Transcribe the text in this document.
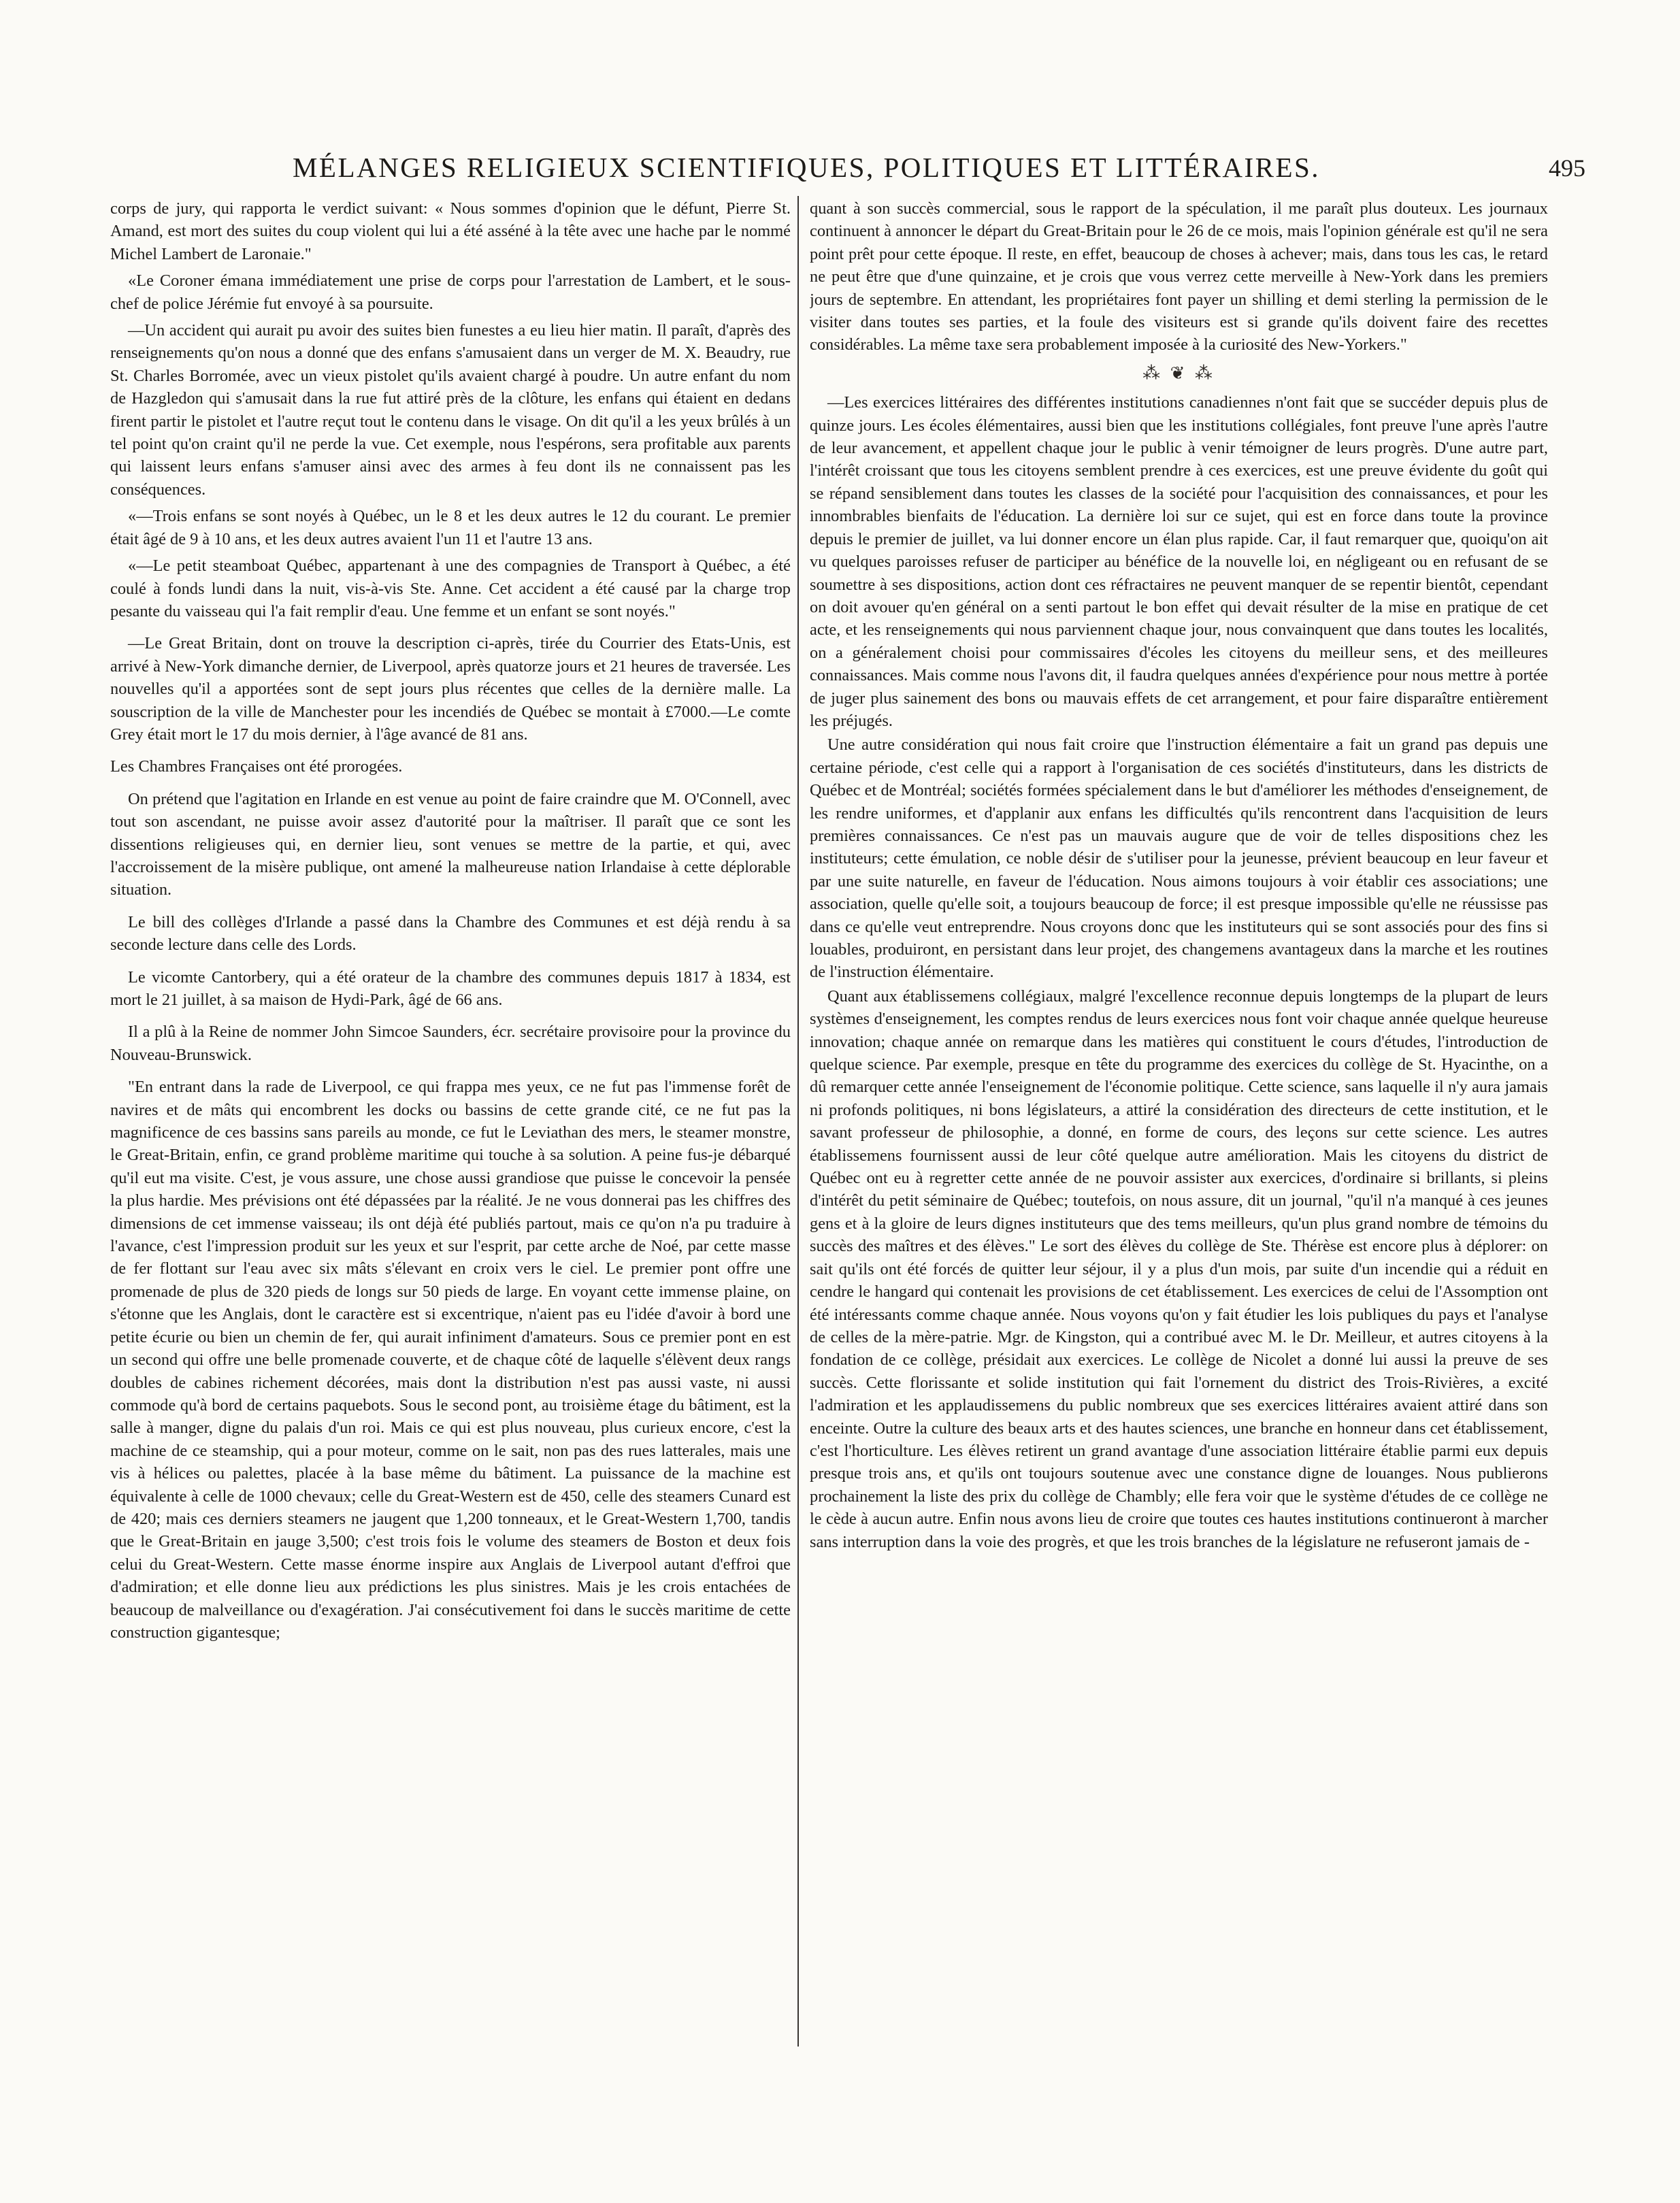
MÉLANGES RELIGIEUX SCIENTIFIQUES, POLITIQUES ET LITTÉRAIRES.	495

corps de jury, qui rapporta le verdict suivant: « Nous sommes d'opinion que le défunt, Pierre St. Amand, est mort des suites du coup violent qui lui a été asséné à la tête avec une hache par le nommé Michel Lambert de Laronaie."

«Le Coroner émana immédiatement une prise de corps pour l'arrestation de Lambert, et le sous-chef de police Jérémie fut envoyé à sa poursuite.

—Un accident qui aurait pu avoir des suites bien funestes a eu lieu hier matin. Il paraît, d'après des renseignements qu'on nous a donné que des enfans s'amusaient dans un verger de M. X. Beaudry, rue St. Charles Borromée, avec un vieux pistolet qu'ils avaient chargé à poudre. Un autre enfant du nom de Hazgledon qui s'amusait dans la rue fut attiré près de la clôture, les enfans qui étaient en dedans firent partir le pistolet et l'autre reçut tout le contenu dans le visage. On dit qu'il a les yeux brûlés à un tel point qu'on craint qu'il ne perde la vue. Cet exemple, nous l'espérons, sera profitable aux parents qui laissent leurs enfans s'amuser ainsi avec des armes à feu dont ils ne connaissent pas les conséquences.

«—Trois enfans se sont noyés à Québec, un le 8 et les deux autres le 12 du courant. Le premier était âgé de 9 à 10 ans, et les deux autres avaient l'un 11 et l'autre 13 ans.

«—Le petit steamboat Québec, appartenant à une des compagnies de Transport à Québec, a été coulé à fonds lundi dans la nuit, vis-à-vis Ste. Anne. Cet accident a été causé par la charge trop pesante du vaisseau qui l'a fait remplir d'eau. Une femme et un enfant se sont noyés."

—Le Great Britain, dont on trouve la description ci-après, tirée du Courrier des Etats-Unis, est arrivé à New-York dimanche dernier, de Liverpool, après quatorze jours et 21 heures de traversée. Les nouvelles qu'il a apportées sont de sept jours plus récentes que celles de la dernière malle. La souscription de la ville de Manchester pour les incendiés de Québec se montait à £7000.—Le comte Grey était mort le 17 du mois dernier, à l'âge avancé de 81 ans.

Les Chambres Françaises ont été prorogées.

On prétend que l'agitation en Irlande en est venue au point de faire craindre que M. O'Connell, avec tout son ascendant, ne puisse avoir assez d'autorité pour la maîtriser. Il paraît que ce sont les dissentions religieuses qui, en dernier lieu, sont venues se mettre de la partie, et qui, avec l'accroissement de la misère publique, ont amené la malheureuse nation Irlandaise à cette déplorable situation.

Le bill des collèges d'Irlande a passé dans la Chambre des Communes et est déjà rendu à sa seconde lecture dans celle des Lords.

Le vicomte Cantorbery, qui a été orateur de la chambre des communes depuis 1817 à 1834, est mort le 21 juillet, à sa maison de Hydi-Park, âgé de 66 ans.

Il a plû à la Reine de nommer John Simcoe Saunders, écr. secrétaire provisoire pour la province du Nouveau-Brunswick.

"En entrant dans la rade de Liverpool, ce qui frappa mes yeux, ce ne fut pas l'immense forêt de navires et de mâts qui encombrent les docks ou bassins de cette grande cité, ce ne fut pas la magnificence de ces bassins sans pareils au monde, ce fut le Leviathan des mers, le steamer monstre, le Great-Britain, enfin, ce grand problème maritime qui touche à sa solution. A peine fus-je débarqué qu'il eut ma visite. C'est, je vous assure, une chose aussi grandiose que puisse le concevoir la pensée la plus hardie. Mes prévisions ont été dépassées par la réalité. Je ne vous donnerai pas les chiffres des dimensions de cet immense vaisseau; ils ont déjà été publiés partout, mais ce qu'on n'a pu traduire à l'avance, c'est l'impression produit sur les yeux et sur l'esprit, par cette arche de Noé, par cette masse de fer flottant sur l'eau avec six mâts s'élevant en croix vers le ciel. Le premier pont offre une promenade de plus de 320 pieds de longs sur 50 pieds de large. En voyant cette immense plaine, on s'étonne que les Anglais, dont le caractère est si excentrique, n'aient pas eu l'idée d'avoir à bord une petite écurie ou bien un chemin de fer, qui aurait infiniment d'amateurs. Sous ce premier pont en est un second qui offre une belle promenade couverte, et de chaque côté de laquelle s'élèvent deux rangs doubles de cabines richement décorées, mais dont la distribution n'est pas aussi vaste, ni aussi commode qu'à bord de certains paquebots. Sous le second pont, au troisième étage du bâtiment, est la salle à manger, digne du palais d'un roi. Mais ce qui est plus nouveau, plus curieux encore, c'est la machine de ce steamship, qui a pour moteur, comme on le sait, non pas des rues latterales, mais une vis à hélices ou palettes, placée à la base même du bâtiment. La puissance de la machine est équivalente à celle de 1000 chevaux; celle du Great-Western est de 450, celle des steamers Cunard est de 420; mais ces derniers steamers ne jaugent que 1,200 tonneaux, et le Great-Western 1,700, tandis que le Great-Britain en jauge 3,500; c'est trois fois le volume des steamers de Boston et deux fois celui du Great-Western. Cette masse énorme inspire aux Anglais de Liverpool autant d'effroi que d'admiration; et elle donne lieu aux prédictions les plus sinistres. Mais je les crois entachées de beaucoup de malveillance ou d'exagération. J'ai consécutivement foi dans le succès maritime de cette construction gigantesque;

quant à son succès commercial, sous le rapport de la spéculation, il me paraît plus douteux. Les journaux continuent à annoncer le départ du Great-Britain pour le 26 de ce mois, mais l'opinion générale est qu'il ne sera point prêt pour cette époque. Il reste, en effet, beaucoup de choses à achever; mais, dans tous les cas, le retard ne peut être que d'une quinzaine, et je crois que vous verrez cette merveille à New-York dans les premiers jours de septembre. En attendant, les propriétaires font payer un shilling et demi sterling la permission de le visiter dans toutes ses parties, et la foule des visiteurs est si grande qu'ils doivent faire des recettes considérables. La même taxe sera probablement imposée à la curiosité des New-Yorkers."

⁂ ❦ ⁂

—Les exercices littéraires des différentes institutions canadiennes n'ont fait que se succéder depuis plus de quinze jours. Les écoles élémentaires, aussi bien que les institutions collégiales, font preuve l'une après l'autre de leur avancement, et appellent chaque jour le public à venir témoigner de leurs progrès. D'une autre part, l'intérêt croissant que tous les citoyens semblent prendre à ces exercices, est une preuve évidente du goût qui se répand sensiblement dans toutes les classes de la société pour l'acquisition des connaissances, et pour les innombrables bienfaits de l'éducation. La dernière loi sur ce sujet, qui est en force dans toute la province depuis le premier de juillet, va lui donner encore un élan plus rapide. Car, il faut remarquer que, quoiqu'on ait vu quelques paroisses refuser de participer au bénéfice de la nouvelle loi, en négligeant ou en refusant de se soumettre à ses dispositions, action dont ces réfractaires ne peuvent manquer de se repentir bientôt, cependant on doit avouer qu'en général on a senti partout le bon effet qui devait résulter de la mise en pratique de cet acte, et les renseignements qui nous parviennent chaque jour, nous convainquent que dans toutes les localités, on a généralement choisi pour commissaires d'écoles les citoyens du meilleur sens, et des meilleures connaissances. Mais comme nous l'avons dit, il faudra quelques années d'expérience pour nous mettre à portée de juger plus sainement des bons ou mauvais effets de cet arrangement, et pour faire disparaître entièrement les préjugés.

Une autre considération qui nous fait croire que l'instruction élémentaire a fait un grand pas depuis une certaine période, c'est celle qui a rapport à l'organisation de ces sociétés d'instituteurs, dans les districts de Québec et de Montréal; sociétés formées spécialement dans le but d'améliorer les méthodes d'enseignement, de les rendre uniformes, et d'applanir aux enfans les difficultés qu'ils rencontrent dans l'acquisition de leurs premières connaissances. Ce n'est pas un mauvais augure que de voir de telles dispositions chez les instituteurs; cette émulation, ce noble désir de s'utiliser pour la jeunesse, prévient beaucoup en leur faveur et par une suite naturelle, en faveur de l'éducation. Nous aimons toujours à voir établir ces associations; une association, quelle qu'elle soit, a toujours beaucoup de force; il est presque impossible qu'elle ne réussisse pas dans ce qu'elle veut entreprendre. Nous croyons donc que les instituteurs qui se sont associés pour des fins si louables, produiront, en persistant dans leur projet, des changemens avantageux dans la marche et les routines de l'instruction élémentaire.

Quant aux établissemens collégiaux, malgré l'excellence reconnue depuis longtemps de la plupart de leurs systèmes d'enseignement, les comptes rendus de leurs exercices nous font voir chaque année quelque heureuse innovation; chaque année on remarque dans les matières qui constituent le cours d'études, l'introduction de quelque science. Par exemple, presque en tête du programme des exercices du collège de St. Hyacinthe, on a dû remarquer cette année l'enseignement de l'économie politique. Cette science, sans laquelle il n'y aura jamais ni profonds politiques, ni bons législateurs, a attiré la considération des directeurs de cette institution, et le savant professeur de philosophie, a donné, en forme de cours, des leçons sur cette science. Les autres établissemens fournissent aussi de leur côté quelque autre amélioration. Mais les citoyens du district de Québec ont eu à regretter cette année de ne pouvoir assister aux exercices, d'ordinaire si brillants, si pleins d'intérêt du petit séminaire de Québec; toutefois, on nous assure, dit un journal, "qu'il n'a manqué à ces jeunes gens et à la gloire de leurs dignes instituteurs que des tems meilleurs, qu'un plus grand nombre de témoins du succès des maîtres et des élèves." Le sort des élèves du collège de Ste. Thérèse est encore plus à déplorer: on sait qu'ils ont été forcés de quitter leur séjour, il y a plus d'un mois, par suite d'un incendie qui a réduit en cendre le hangard qui contenait les provisions de cet établissement. Les exercices de celui de l'Assomption ont été intéressants comme chaque année. Nous voyons qu'on y fait étudier les lois publiques du pays et l'analyse de celles de la mère-patrie. Mgr. de Kingston, qui a contribué avec M. le Dr. Meilleur, et autres citoyens à la fondation de ce collège, présidait aux exercices. Le collège de Nicolet a donné lui aussi la preuve de ses succès. Cette florissante et solide institution qui fait l'ornement du district des Trois-Rivières, a excité l'admiration et les applaudissemens du public nombreux que ses exercices littéraires avaient attiré dans son enceinte. Outre la culture des beaux arts et des hautes sciences, une branche en honneur dans cet établissement, c'est l'horticulture. Les élèves retirent un grand avantage d'une association littéraire établie parmi eux depuis presque trois ans, et qu'ils ont toujours soutenue avec une constance digne de louanges. Nous publierons prochainement la liste des prix du collège de Chambly; elle fera voir que le système d'études de ce collège ne le cède à aucun autre. Enfin nous avons lieu de croire que toutes ces hautes institutions continueront à marcher sans interruption dans la voie des progrès, et que les trois branches de la législature ne refuseront jamais de -
